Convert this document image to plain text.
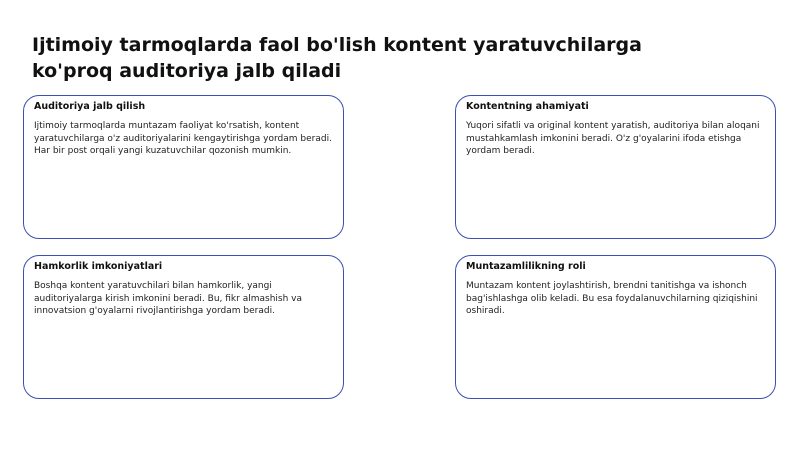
Ijtimoiy tarmoqlarda faol bo'lish kontent yaratuvchilarga
ko'proq auditoriya jalb qiladi
Auditoriya jalb qilish
Ijtimoiy tarmoqlarda muntazam faoliyat ko'rsatish, kontent yaratuvchilarga o'z auditoriyalarini kengaytirishga yordam beradi. Har bir post orqali yangi kuzatuvchilar qozonish mumkin.
Kontentning ahamiyati
Yuqori sifatli va original kontent yaratish, auditoriya bilan aloqani mustahkamlash imkonini beradi. O'z g'oyalarini ifoda etishga yordam beradi.
Hamkorlik imkoniyatlari
Boshqa kontent yaratuvchilari bilan hamkorlik, yangi auditoriyalarga kirish imkonini beradi. Bu, fikr almashish va innovatsion g'oyalarni rivojlantirishga yordam beradi.
Muntazamlilikning roli
Muntazam kontent joylashtirish, brendni tanitishga va ishonch bag'ishlashga olib keladi. Bu esa foydalanuvchilarning qiziqishini oshiradi.
